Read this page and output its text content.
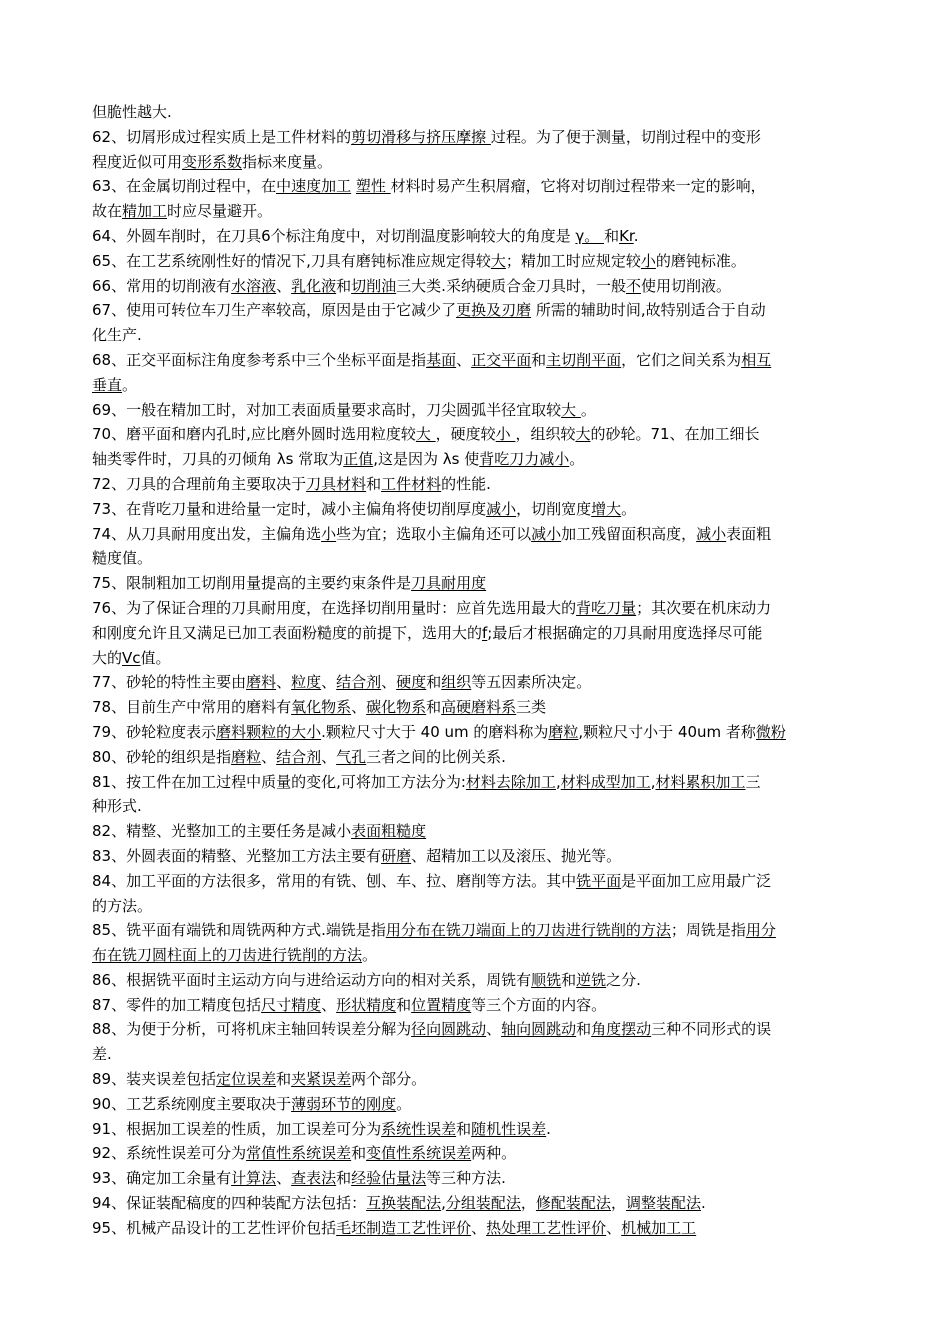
但脆性越大.
62、切屑形成过程实质上是工件材料的剪切滑移与挤压摩擦 过程。为了便于测量，切削过程中的变形
程度近似可用变形系数指标来度量。
63、在金属切削过程中，在中速度加工 塑性 材料时易产生积屑瘤，它将对切削过程带来一定的影响，
故在精加工时应尽量避开。
64、外圆车削时，在刀具6个标注角度中，对切削温度影响较大的角度是 γ。 和Kr.
65、在工艺系统刚性好的情况下,刀具有磨钝标准应规定得较大；精加工时应规定较小的磨钝标准。
66、常用的切削液有水溶液、乳化液和切削油三大类.采纳硬质合金刀具时，一般不使用切削液。
67、使用可转位车刀生产率较高，原因是由于它减少了更换及刃磨 所需的辅助时间,故特别适合于自动
化生产.
68、正交平面标注角度参考系中三个坐标平面是指基面、正交平面和主切削平面，它们之间关系为相互
垂直。
69、一般在精加工时，对加工表面质量要求高时，刀尖圆弧半径宜取较大 。
70、磨平面和磨内孔时,应比磨外圆时选用粒度较大 ，硬度较小 ，组织较大的砂轮。71、在加工细长
轴类零件时，刀具的刃倾角 λs 常取为正值,这是因为 λs 使背吃刀力减小。
72、刀具的合理前角主要取决于刀具材料和工件材料的性能.
73、在背吃刀量和进给量一定时，减小主偏角将使切削厚度减小，切削宽度增大。
74、从刀具耐用度出发，主偏角选小些为宜；选取小主偏角还可以减小加工残留面积高度，减小表面粗
糙度值。
75、限制粗加工切削用量提高的主要约束条件是刀具耐用度
76、为了保证合理的刀具耐用度，在选择切削用量时：应首先选用最大的背吃刀量；其次要在机床动力
和刚度允许且又满足已加工表面粉糙度的前提下，选用大的f;最后才根据确定的刀具耐用度选择尽可能
大的Vc值。
77、砂轮的特性主要由磨料、粒度、结合剂、硬度和组织等五因素所决定。
78、目前生产中常用的磨料有氧化物系、碳化物系和高硬磨料系三类
79、砂轮粒度表示磨料颗粒的大小.颗粒尺寸大于 40 um 的磨料称为磨粒,颗粒尺寸小于 40um 者称微粉
80、砂轮的组织是指磨粒、结合剂、气孔三者之间的比例关系.
81、按工件在加工过程中质量的变化,可将加工方法分为:材料去除加工,材料成型加工,材料累积加工三
种形式.
82、精整、光整加工的主要任务是减小表面粗糙度
83、外圆表面的精整、光整加工方法主要有研磨、超精加工以及滚压、抛光等。
84、加工平面的方法很多，常用的有铣、刨、车、拉、磨削等方法。其中铣平面是平面加工应用最广泛
的方法。
85、铣平面有端铣和周铣两种方式.端铣是指用分布在铣刀端面上的刀齿进行铣削的方法；周铣是指用分
布在铣刀圆柱面上的刀齿进行铣削的方法。
86、根据铣平面时主运动方向与进给运动方向的相对关系，周铣有顺铣和逆铣之分.
87、零件的加工精度包括尺寸精度、形状精度和位置精度等三个方面的内容。
88、为便于分析，可将机床主轴回转误差分解为径向圆跳动、轴向圆跳动和角度摆动三种不同形式的误
差.
89、装夹误差包括定位误差和夹紧误差两个部分。
90、工艺系统刚度主要取决于薄弱环节的刚度。
91、根据加工误差的性质，加工误差可分为系统性误差和随机性误差.
92、系统性误差可分为常值性系统误差和变值性系统误差两种。
93、确定加工余量有计算法、查表法和经验估量法等三种方法.
94、保证装配稿度的四种装配方法包括：互换装配法,分组装配法，修配装配法，调整装配法.
95、机械产品设计的工艺性评价包括毛坯制造工艺性评价、热处理工艺性评价、机械加工工
